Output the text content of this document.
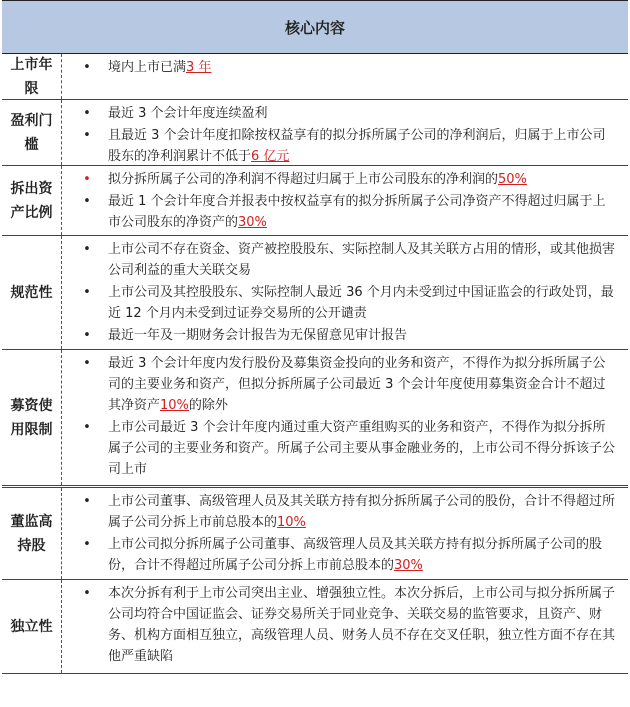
核心内容
上市年限
• 境内上市已满3 年
盈利门槛
• 最近 3 个会计年度连续盈利
• 且最近 3 个会计年度扣除按权益享有的拟分拆所属子公司的净利润后，归属于上市公司股东的净利润累计不低于6 亿元
拆出资产比例
• 拟分拆所属子公司的净利润不得超过归属于上市公司股东的净利润的50%
• 最近 1 个会计年度合并报表中按权益享有的拟分拆所属子公司净资产不得超过归属于上市公司股东的净资产的30%
规范性
• 上市公司不存在资金、资产被控股股东、实际控制人及其关联方占用的情形，或其他损害公司利益的重大关联交易
• 上市公司及其控股股东、实际控制人最近 36 个月内未受到过中国证监会的行政处罚，最近 12 个月内未受到过证券交易所的公开谴责
• 最近一年及一期财务会计报告为无保留意见审计报告
募资使用限制
• 最近 3 个会计年度内发行股份及募集资金投向的业务和资产，不得作为拟分拆所属子公司的主要业务和资产，但拟分拆所属子公司最近 3 个会计年度使用募集资金合计不超过其净资产10%的除外
• 上市公司最近 3 个会计年度内通过重大资产重组购买的业务和资产，不得作为拟分拆所属子公司的主要业务和资产。所属子公司主要从事金融业务的，上市公司不得分拆该子公司上市
董监高持股
• 上市公司董事、高级管理人员及其关联方持有拟分拆所属子公司的股份，合计不得超过所属子公司分拆上市前总股本的10%
• 上市公司拟分拆所属子公司董事、高级管理人员及其关联方持有拟分拆所属子公司的股份，合计不得超过所属子公司分拆上市前总股本的30%
独立性
• 本次分拆有利于上市公司突出主业、增强独立性。本次分拆后，上市公司与拟分拆所属子公司均符合中国证监会、证券交易所关于同业竞争、关联交易的监管要求，且资产、财务、机构方面相互独立，高级管理人员、财务人员不存在交叉任职，独立性方面不存在其他严重缺陷
